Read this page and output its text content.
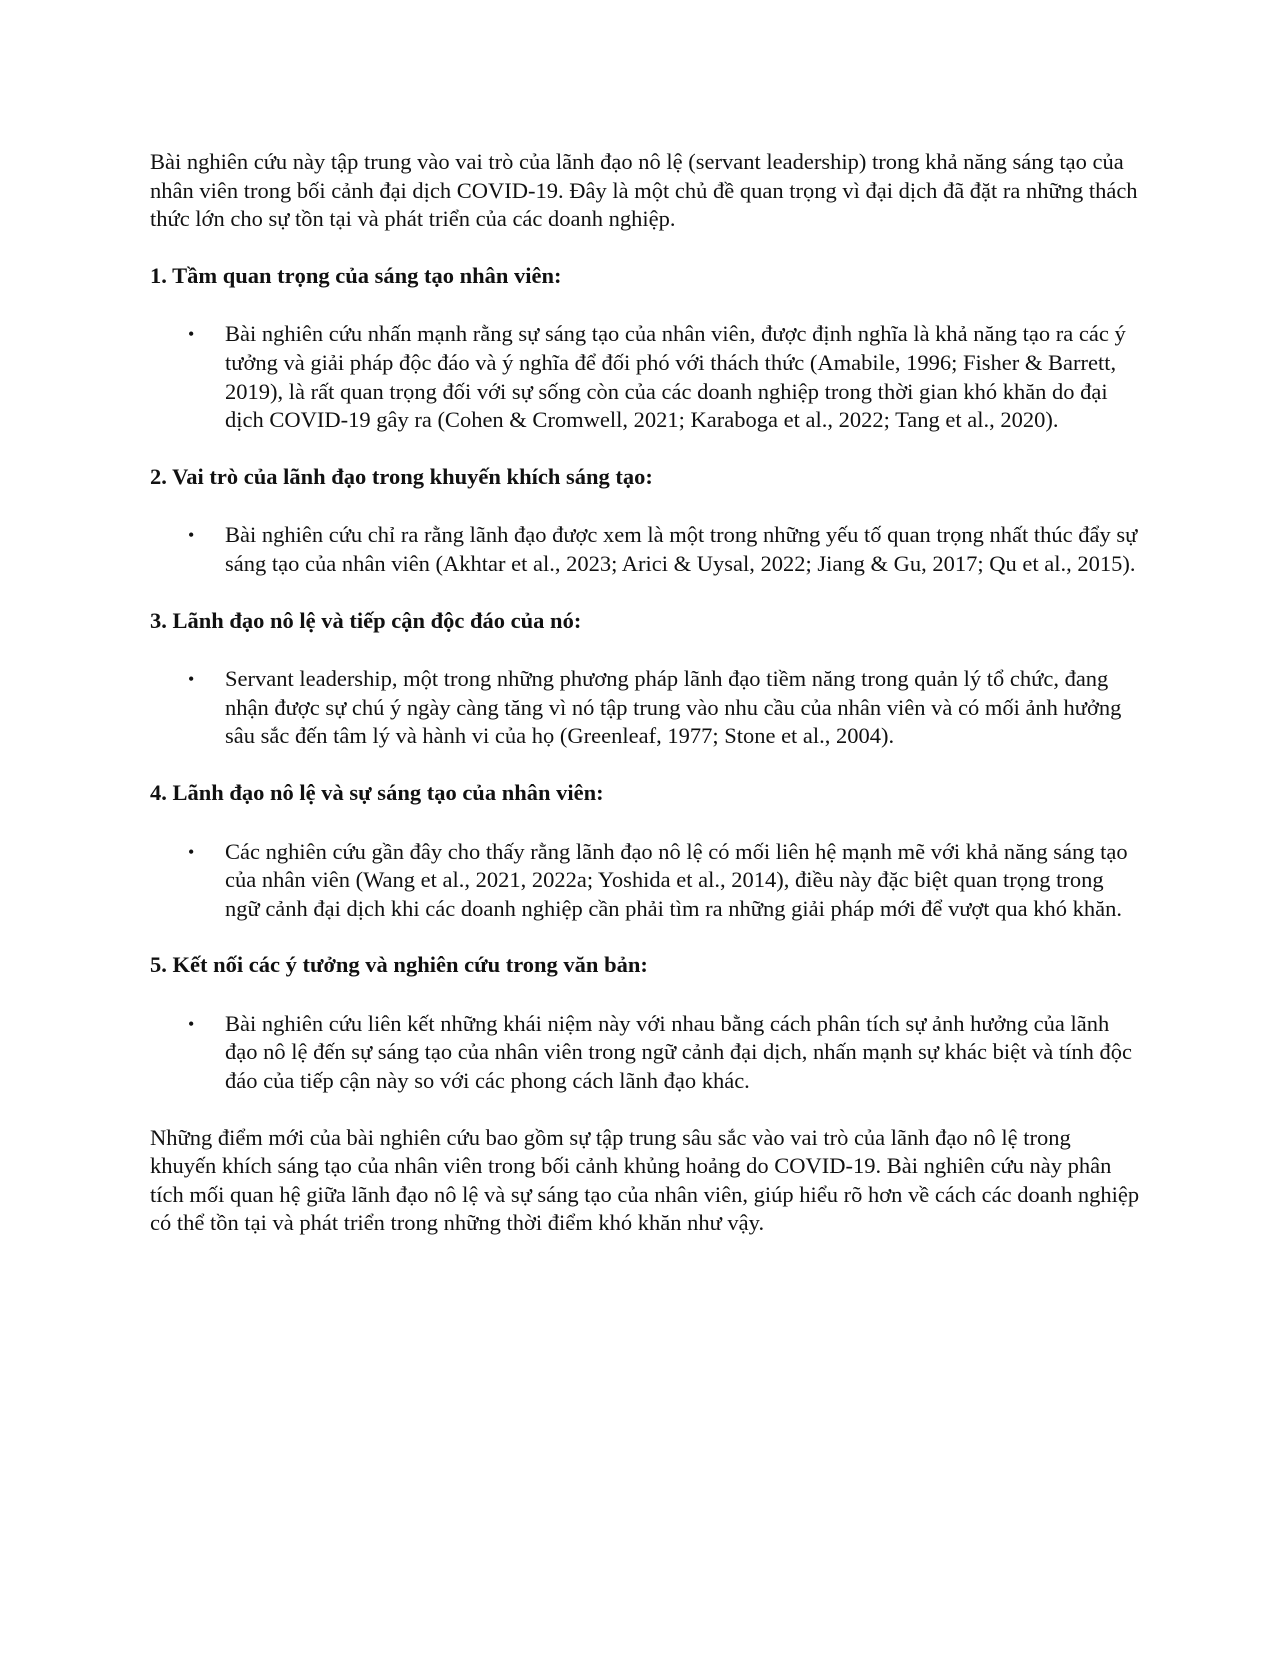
Bài nghiên cứu này tập trung vào vai trò của lãnh đạo nô lệ (servant leadership) trong khả năng sáng tạo của nhân viên trong bối cảnh đại dịch COVID-19. Đây là một chủ đề quan trọng vì đại dịch đã đặt ra những thách thức lớn cho sự tồn tại và phát triển của các doanh nghiệp.

1. Tầm quan trọng của sáng tạo nhân viên:

• Bài nghiên cứu nhấn mạnh rằng sự sáng tạo của nhân viên, được định nghĩa là khả năng tạo ra các ý tưởng và giải pháp độc đáo và ý nghĩa để đối phó với thách thức (Amabile, 1996; Fisher & Barrett, 2019), là rất quan trọng đối với sự sống còn của các doanh nghiệp trong thời gian khó khăn do đại dịch COVID-19 gây ra (Cohen & Cromwell, 2021; Karaboga et al., 2022; Tang et al., 2020).

2. Vai trò của lãnh đạo trong khuyến khích sáng tạo:

• Bài nghiên cứu chỉ ra rằng lãnh đạo được xem là một trong những yếu tố quan trọng nhất thúc đẩy sự sáng tạo của nhân viên (Akhtar et al., 2023; Arici & Uysal, 2022; Jiang & Gu, 2017; Qu et al., 2015).

3. Lãnh đạo nô lệ và tiếp cận độc đáo của nó:

• Servant leadership, một trong những phương pháp lãnh đạo tiềm năng trong quản lý tổ chức, đang nhận được sự chú ý ngày càng tăng vì nó tập trung vào nhu cầu của nhân viên và có mối ảnh hưởng sâu sắc đến tâm lý và hành vi của họ (Greenleaf, 1977; Stone et al., 2004).

4. Lãnh đạo nô lệ và sự sáng tạo của nhân viên:

• Các nghiên cứu gần đây cho thấy rằng lãnh đạo nô lệ có mối liên hệ mạnh mẽ với khả năng sáng tạo của nhân viên (Wang et al., 2021, 2022a; Yoshida et al., 2014), điều này đặc biệt quan trọng trong ngữ cảnh đại dịch khi các doanh nghiệp cần phải tìm ra những giải pháp mới để vượt qua khó khăn.

5. Kết nối các ý tưởng và nghiên cứu trong văn bản:

• Bài nghiên cứu liên kết những khái niệm này với nhau bằng cách phân tích sự ảnh hưởng của lãnh đạo nô lệ đến sự sáng tạo của nhân viên trong ngữ cảnh đại dịch, nhấn mạnh sự khác biệt và tính độc đáo của tiếp cận này so với các phong cách lãnh đạo khác.

Những điểm mới của bài nghiên cứu bao gồm sự tập trung sâu sắc vào vai trò của lãnh đạo nô lệ trong khuyến khích sáng tạo của nhân viên trong bối cảnh khủng hoảng do COVID-19. Bài nghiên cứu này phân tích mối quan hệ giữa lãnh đạo nô lệ và sự sáng tạo của nhân viên, giúp hiểu rõ hơn về cách các doanh nghiệp có thể tồn tại và phát triển trong những thời điểm khó khăn như vậy.
